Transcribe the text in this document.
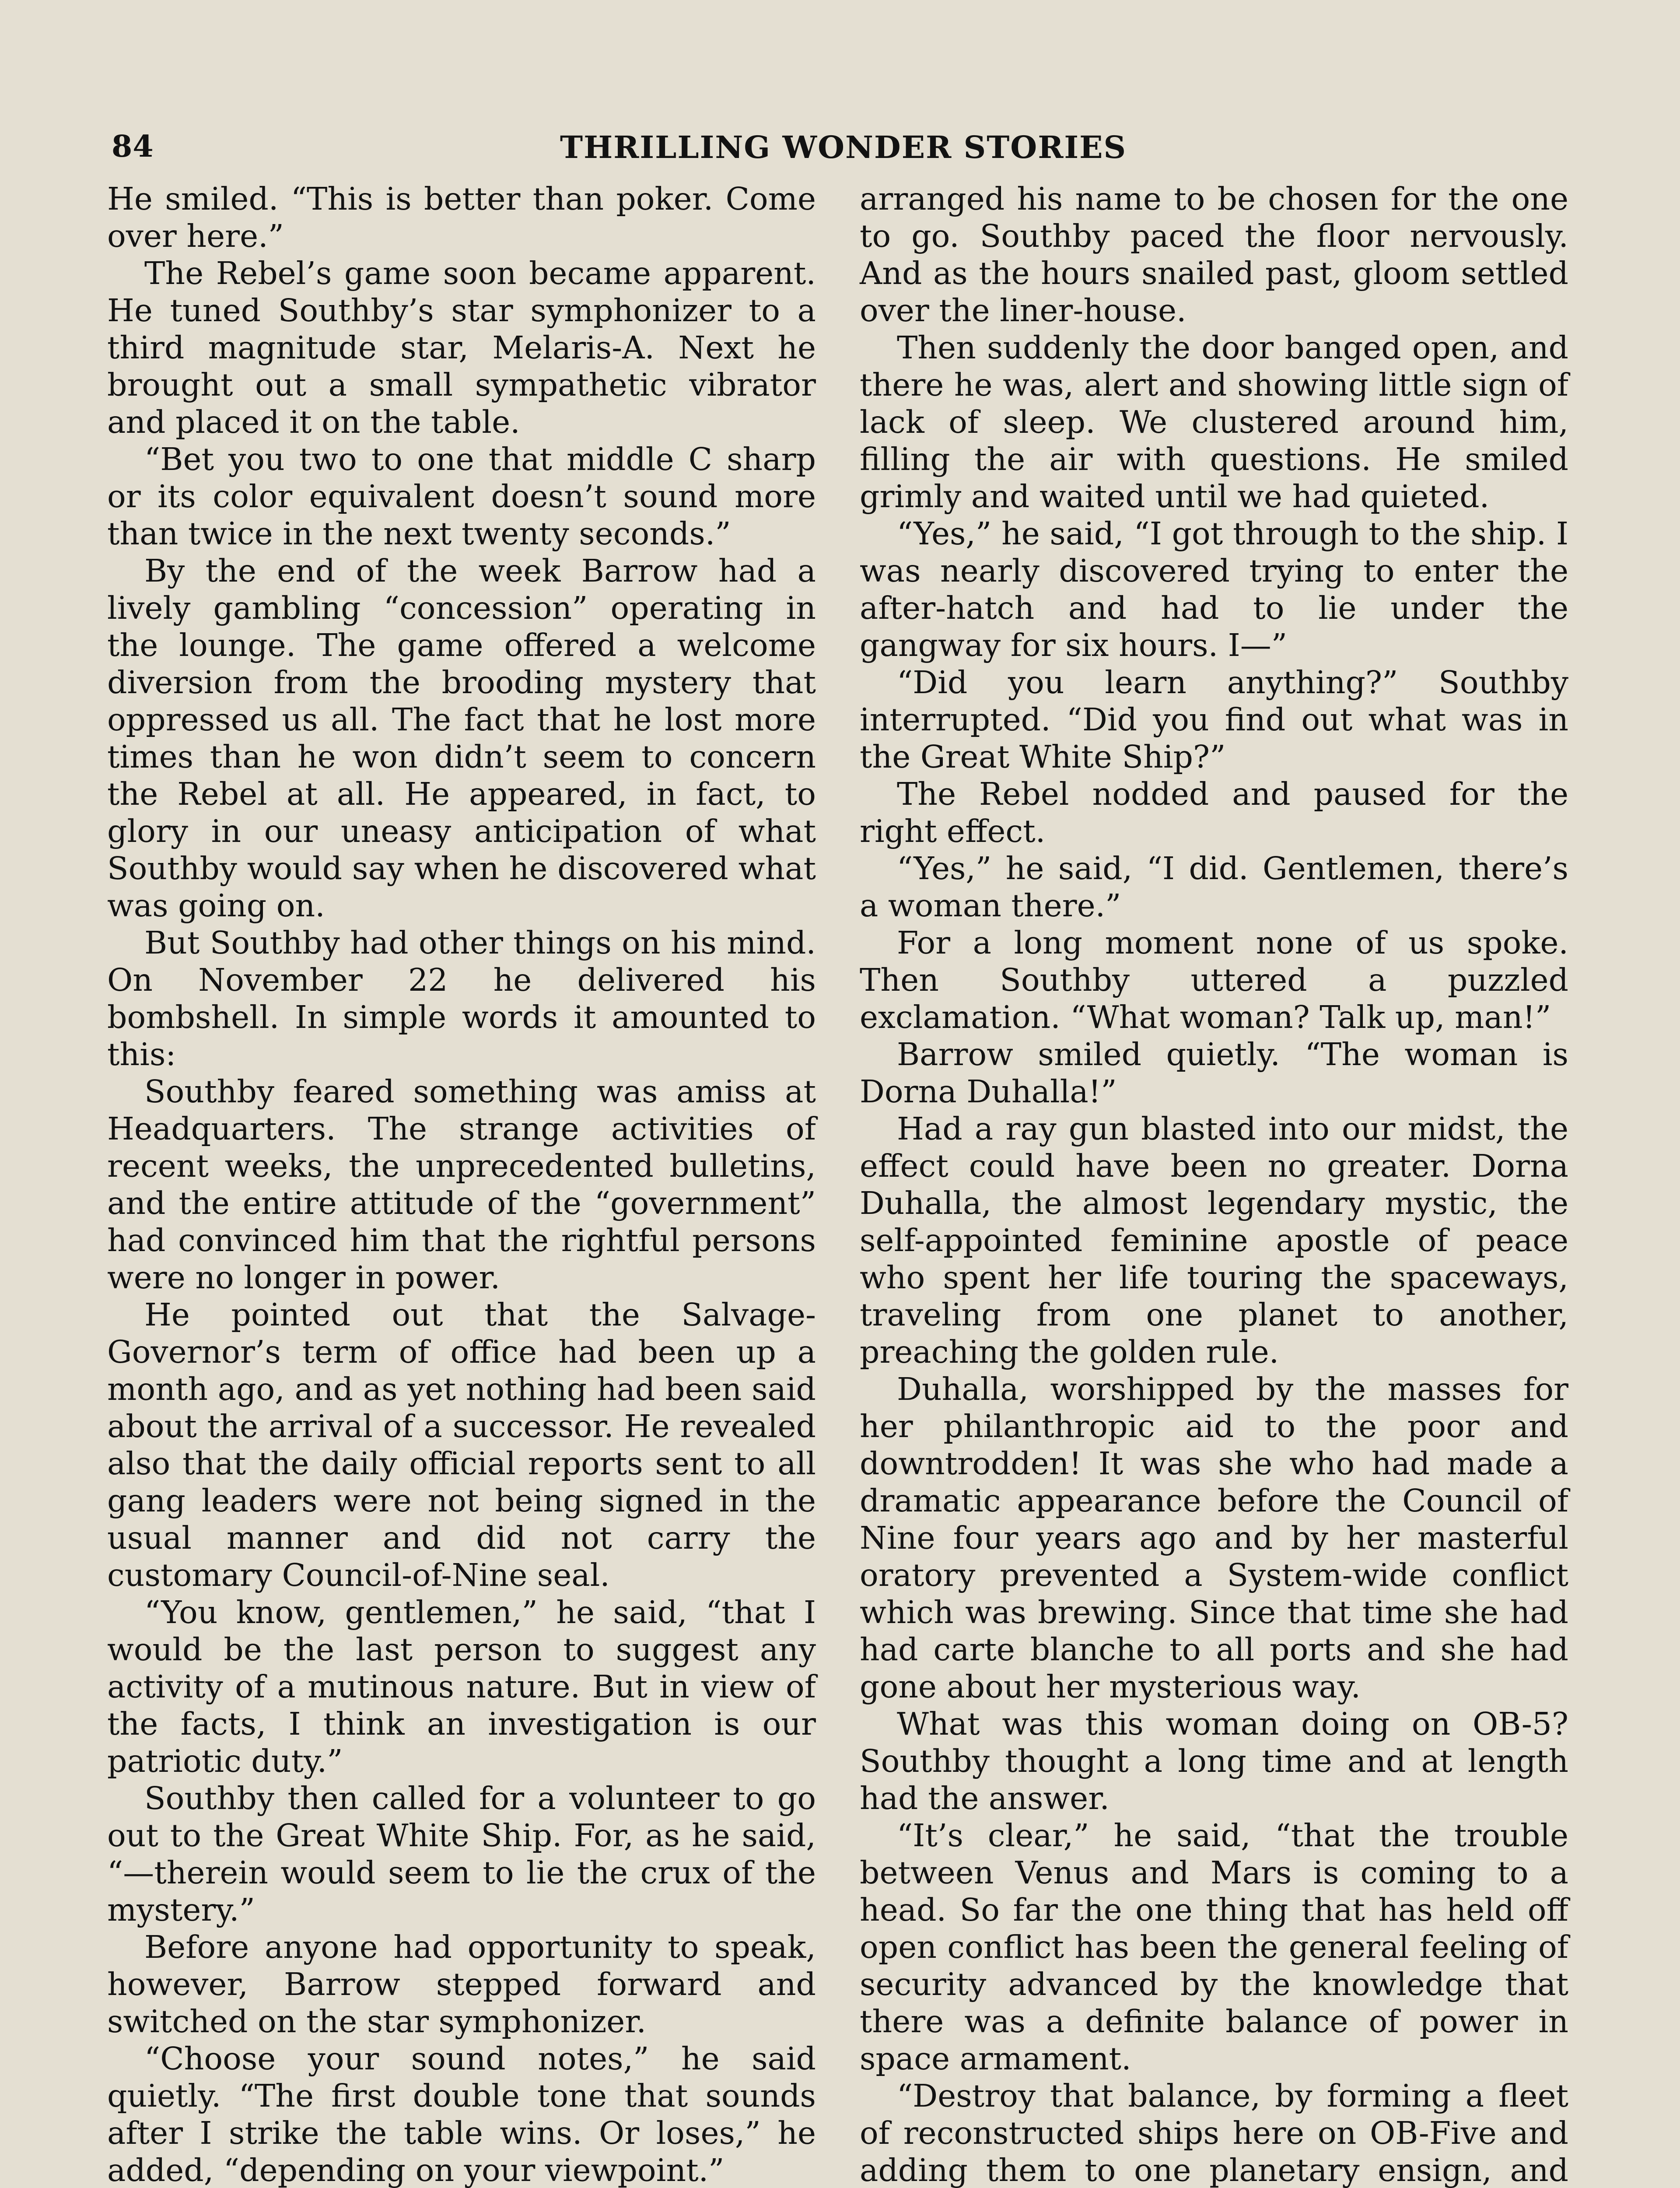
84	THRILLING WONDER STORIES

He smiled. “This is better than poker. Come over here.”

The Rebel’s game soon became apparent. He tuned Southby’s star symphonizer to a third magnitude star, Melaris-A. Next he brought out a small sympathetic vibrator and placed it on the table.

“Bet you two to one that middle C sharp or its color equivalent doesn’t sound more than twice in the next twenty seconds.”

By the end of the week Barrow had a lively gambling “concession” operating in the lounge. The game offered a welcome diversion from the brooding mystery that oppressed us all. The fact that he lost more times than he won didn’t seem to concern the Rebel at all. He appeared, in fact, to glory in our uneasy anticipation of what Southby would say when he discovered what was going on.

But Southby had other things on his mind. On November 22 he delivered his bombshell. In simple words it amounted to this:

Southby feared something was amiss at Headquarters. The strange activities of recent weeks, the unprecedented bulletins, and the entire attitude of the “government” had convinced him that the rightful persons were no longer in power.

He pointed out that the Salvage-Governor’s term of office had been up a month ago, and as yet nothing had been said about the arrival of a successor. He revealed also that the daily official reports sent to all gang leaders were not being signed in the usual manner and did not carry the customary Council-of-Nine seal.

“You know, gentlemen,” he said, “that I would be the last person to suggest any activity of a mutinous nature. But in view of the facts, I think an investigation is our patriotic duty.”

Southby then called for a volunteer to go out to the Great White Ship. For, as he said, “—therein would seem to lie the crux of the mystery.”

Before anyone had opportunity to speak, however, Barrow stepped forward and switched on the star symphonizer.

“Choose your sound notes,” he said quietly. “The first double tone that sounds after I strike the table wins. Or loses,” he added, “depending on your viewpoint.”

arranged his name to be chosen for the one to go. Southby paced the floor nervously. And as the hours snailed past, gloom settled over the liner-house.

Then suddenly the door banged open, and there he was, alert and showing little sign of lack of sleep. We clustered around him, filling the air with questions. He smiled grimly and waited until we had quieted.

“Yes,” he said, “I got through to the ship. I was nearly discovered trying to enter the after-hatch and had to lie under the gangway for six hours. I—”

“Did you learn anything?” Southby interrupted. “Did you find out what was in the Great White Ship?”

The Rebel nodded and paused for the right effect.

“Yes,” he said, “I did. Gentlemen, there’s a woman there.”

For a long moment none of us spoke. Then Southby uttered a puzzled exclamation. “What woman? Talk up, man!”

Barrow smiled quietly. “The woman is Dorna Duhalla!”

Had a ray gun blasted into our midst, the effect could have been no greater. Dorna Duhalla, the almost legendary mystic, the self-appointed feminine apostle of peace who spent her life touring the spaceways, traveling from one planet to another, preaching the golden rule.

Duhalla, worshipped by the masses for her philanthropic aid to the poor and downtrodden! It was she who had made a dramatic appearance before the Council of Nine four years ago and by her masterful oratory prevented a System-wide conflict which was brewing. Since that time she had had carte blanche to all ports and she had gone about her mysterious way.

What was this woman doing on OB-5? Southby thought a long time and at length had the answer.

“It’s clear,” he said, “that the trouble between Venus and Mars is coming to a head. So far the one thing that has held off open conflict has been the general feeling of security advanced by the knowledge that there was a definite balance of power in space armament.

“Destroy that balance, by forming a fleet of reconstructed ships here on OB-Five and adding them to one planetary ensign, and
